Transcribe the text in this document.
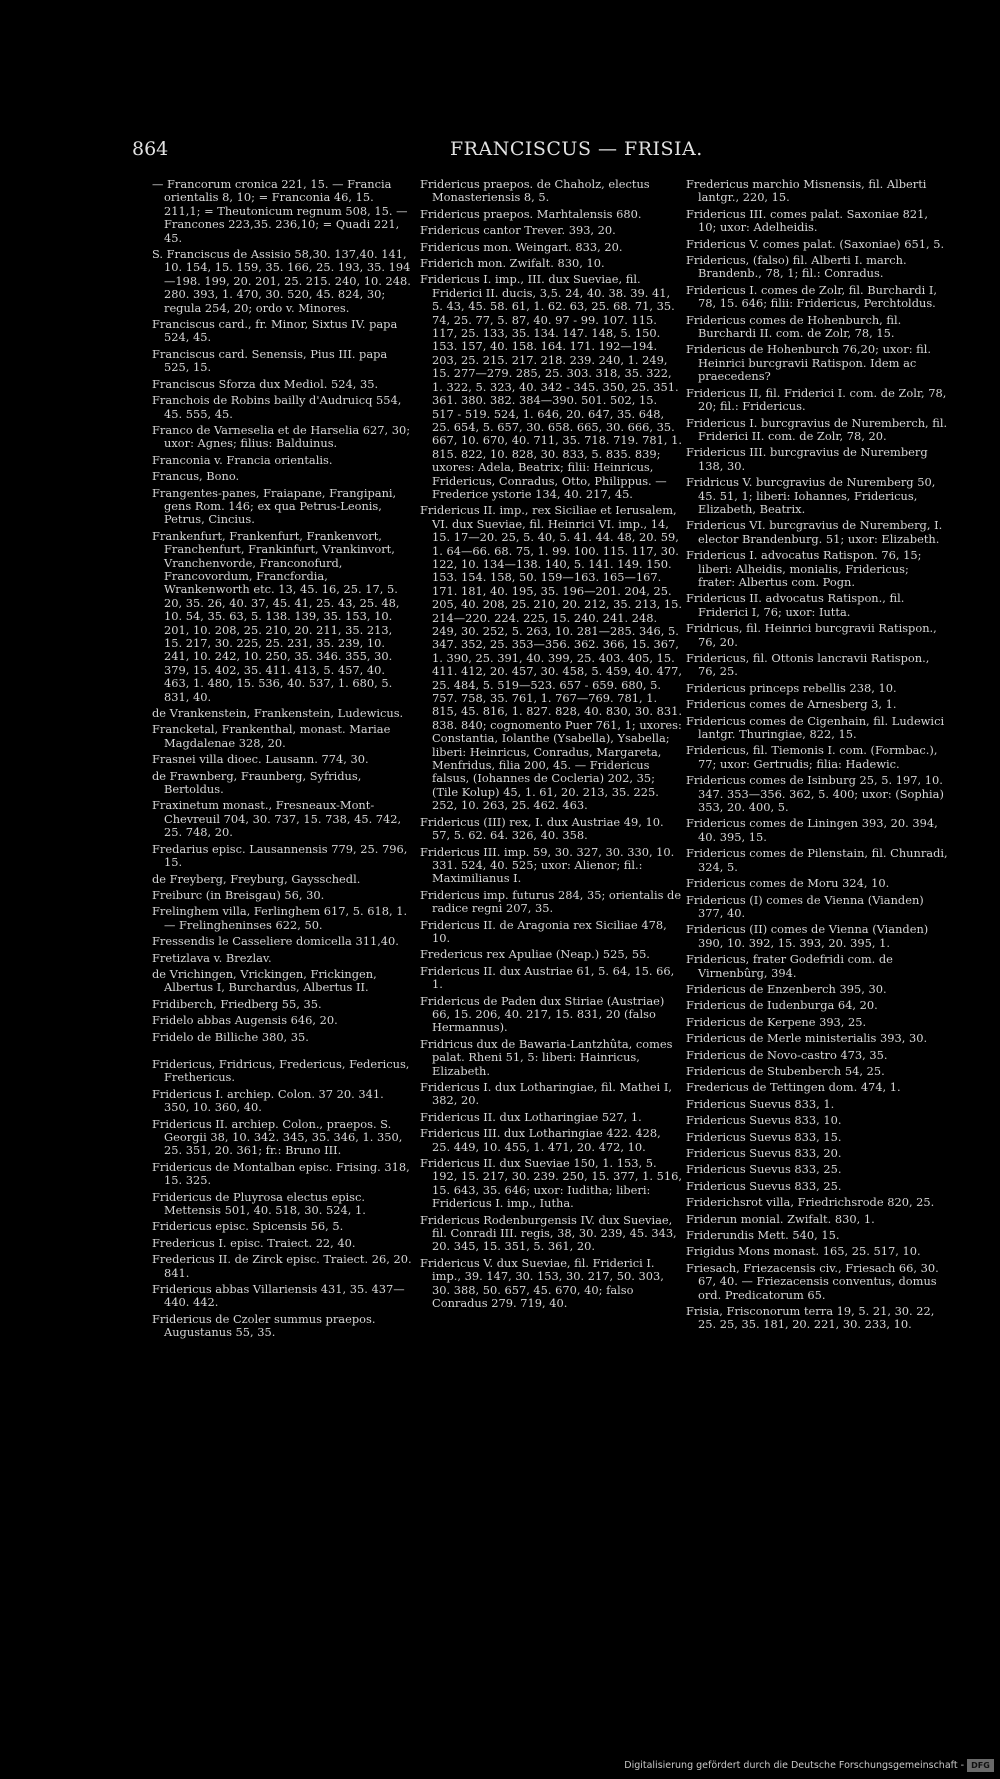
864	FRANCISCUS — FRISIA.
— Francorum cronica 221, 15. — Francia orientalis 8, 10; = Franconia 46, 15. 211,1; = Theutonicum regnum 508, 15. — Francones 223,35. 236,10; = Quadi 221, 45.
S. Franciscus de Assisio 58,30. 137,40. 141, 10. 154, 15. 159, 35. 166, 25. 193, 35. 194—198. 199, 20. 201, 25. 215. 240, 10. 248. 280. 393, 1. 470, 30. 520, 45. 824, 30; regula 254, 20; ordo v. Minores.
Franciscus card., fr. Minor, Sixtus IV. papa 524, 45.
Franciscus card. Senensis, Pius III. papa 525, 15.
Franciscus Sforza dux Mediol. 524, 35.
Franchois de Robins bailly d'Audruicq 554, 45. 555, 45.
Franco de Varneselia et de Harselia 627, 30; uxor: Agnes; filius: Balduinus.
Franconia v. Francia orientalis.
Francus, Bono.
Frangentes-panes, Fraiapane, Frangipani, gens Rom. 146; ex qua Petrus-Leonis, Petrus, Cincius.
Frankenfurt, Frankenfurt, Frankenvort, Franchenfurt, Frankinfurt, Vrankinvort, Vranchenvorde, Franconofurd, Francovordum, Francfordia, Wrankenworth etc. 13, 45. 16, 25. 17, 5. 20, 35. 26, 40. 37, 45. 41, 25. 43, 25. 48, 10. 54, 35. 63, 5. 138. 139, 35. 153, 10. 201, 10. 208, 25. 210, 20. 211, 35. 213, 15. 217, 30. 225, 25. 231, 35. 239, 10. 241, 10. 242, 10. 250, 35. 346. 355, 30. 379, 15. 402, 35. 411. 413, 5. 457, 40. 463, 1. 480, 15. 536, 40. 537, 1. 680, 5. 831, 40.
de Vrankenstein, Frankenstein, Ludewicus.
Francketal, Frankenthal, monast. Mariae Magdalenae 328, 20.
Frasnei villa dioec. Lausann. 774, 30.
de Frawnberg, Fraunberg, Syfridus, Bertoldus.
Fraxinetum monast., Fresneaux-Mont-Chevreuil 704, 30. 737, 15. 738, 45. 742, 25. 748, 20.
Fredarius episc. Lausannensis 779, 25. 796, 15.
de Freyberg, Freyburg, Gaysschedl.
Freiburc (in Breisgau) 56, 30.
Frelinghem villa, Ferlinghem 617, 5. 618, 1. — Frelingheninses 622, 50.
Fressendis le Casseliere domicella 311,40.
Fretizlava v. Brezlav.
de Vrichingen, Vrickingen, Frickingen, Albertus I, Burchardus, Albertus II.
Fridiberch, Friedberg 55, 35.
Fridelo abbas Augensis 646, 20.
Fridelo de Billiche 380, 35.
Fridericus, Fridricus, Fredericus, Federicus, Frethericus.
Fridericus I. archiep. Colon. 37 20. 341. 350, 10. 360, 40.
Fridericus II. archiep. Colon., praepos. S. Georgii 38, 10. 342. 345, 35. 346, 1. 350, 25. 351, 20. 361; fr.: Bruno III.
Fridericus de Montalban episc. Frising. 318, 15. 325.
Fridericus de Pluyrosa electus episc. Mettensis 501, 40. 518, 30. 524, 1.
Fridericus episc. Spicensis 56, 5.
Fredericus I. episc. Traiect. 22, 40.
Fredericus II. de Zirck episc. Traiect. 26, 20. 841.
Fridericus abbas Villariensis 431, 35. 437—440. 442.
Fridericus de Czoler summus praepos. Augustanus 55, 35.
Fridericus praepos. de Chaholz, electus Monasteriensis 8, 5.
Fridericus praepos. Marhtalensis 680.
Fridericus cantor Trever. 393, 20.
Fridericus mon. Weingart. 833, 20.
Friderich mon. Zwifalt. 830, 10.
Fridericus I. imp., III. dux Sueviae, fil. Friderici II. ducis, 3,5. 24, 40. 38. 39. 41, 5. 43, 45. 58. 61, 1. 62. 63, 25. 68. 71, 35. 74, 25. 77, 5. 87, 40. 97 - 99. 107. 115. 117, 25. 133, 35. 134. 147. 148, 5. 150. 153. 157, 40. 158. 164. 171. 192—194. 203, 25. 215. 217. 218. 239. 240, 1. 249, 15. 277—279. 285, 25. 303. 318, 35. 322, 1. 322, 5. 323, 40. 342 - 345. 350, 25. 351. 361. 380. 382. 384—390. 501. 502, 15. 517 - 519. 524, 1. 646, 20. 647, 35. 648, 25. 654, 5. 657, 30. 658. 665, 30. 666, 35. 667, 10. 670, 40. 711, 35. 718. 719. 781, 1. 815. 822, 10. 828, 30. 833, 5. 835. 839; uxores: Adela, Beatrix; filii: Heinricus, Fridericus, Conradus, Otto, Philippus. — Frederice ystorie 134, 40. 217, 45.
Fridericus II. imp., rex Siciliae et Ierusalem, VI. dux Sueviae, fil. Heinrici VI. imp., 14, 15. 17—20. 25, 5. 40, 5. 41. 44. 48, 20. 59, 1. 64—66. 68. 75, 1. 99. 100. 115. 117, 30. 122, 10. 134—138. 140, 5. 141. 149. 150. 153. 154. 158, 50. 159—163. 165—167. 171. 181, 40. 195, 35. 196—201. 204, 25. 205, 40. 208, 25. 210, 20. 212, 35. 213, 15. 214—220. 224. 225, 15. 240. 241. 248. 249, 30. 252, 5. 263, 10. 281—285. 346, 5. 347. 352, 25. 353—356. 362. 366, 15. 367, 1. 390, 25. 391, 40. 399, 25. 403. 405, 15. 411. 412, 20. 457, 30. 458, 5. 459, 40. 477, 25. 484, 5. 519—523. 657 - 659. 680, 5. 757. 758, 35. 761, 1. 767—769. 781, 1. 815, 45. 816, 1. 827. 828, 40. 830, 30. 831. 838. 840; cognomento Puer 761, 1; uxores: Constantia, Iolanthe (Ysabella), Ysabella; liberi: Heinricus, Conradus, Margareta, Menfridus, filia 200, 45. — Fridericus falsus, (Iohannes de Cocleria) 202, 35; (Tile Kolup) 45, 1. 61, 20. 213, 35. 225. 252, 10. 263, 25. 462. 463.
Fridericus (III) rex, I. dux Austriae 49, 10. 57, 5. 62. 64. 326, 40. 358.
Fridericus III. imp. 59, 30. 327, 30. 330, 10. 331. 524, 40. 525; uxor: Alienor; fil.: Maximilianus I.
Fridericus imp. futurus 284, 35; orientalis de radice regni 207, 35.
Fridericus II. de Aragonia rex Siciliae 478, 10.
Fredericus rex Apuliae (Neap.) 525, 55.
Fridericus II. dux Austriae 61, 5. 64, 15. 66, 1.
Fridericus de Paden dux Stiriae (Austriae) 66, 15. 206, 40. 217, 15. 831, 20 (falso Hermannus).
Fridricus dux de Bawaria-Lantzhûta, comes palat. Rheni 51, 5: liberi: Hainricus, Elizabeth.
Fridericus I. dux Lotharingiae, fil. Mathei I, 382, 20.
Fridericus II. dux Lotharingiae 527, 1.
Fridericus III. dux Lotharingiae 422. 428, 25. 449, 10. 455, 1. 471, 20. 472, 10.
Fridericus II. dux Sueviae 150, 1. 153, 5. 192, 15. 217, 30. 239. 250, 15. 377, 1. 516, 15. 643, 35. 646; uxor: Iuditha; liberi: Fridericus I. imp., Iutha.
Fridericus Rodenburgensis IV. dux Sueviae, fil. Conradi III. regis, 38, 30. 239, 45. 343, 20. 345, 15. 351, 5. 361, 20.
Fridericus V. dux Sueviae, fil. Friderici I. imp., 39. 147, 30. 153, 30. 217, 50. 303, 30. 388, 50. 657, 45. 670, 40; falso Conradus 279. 719, 40.
Fredericus marchio Misnensis, fil. Alberti lantgr., 220, 15.
Fridericus III. comes palat. Saxoniae 821, 10; uxor: Adelheidis.
Fridericus V. comes palat. (Saxoniae) 651, 5.
Fridericus, (falso) fil. Alberti I. march. Brandenb., 78, 1; fil.: Conradus.
Fridericus I. comes de Zolr, fil. Burchardi I, 78, 15. 646; filii: Fridericus, Perchtoldus.
Fridericus comes de Hohenburch, fil. Burchardi II. com. de Zolr, 78, 15.
Fridericus de Hohenburch 76,20; uxor: fil. Heinrici burcgravii Ratispon. Idem ac praecedens?
Fridericus II, fil. Friderici I. com. de Zolr, 78, 20; fil.: Fridericus.
Fridericus I. burcgravius de Nuremberch, fil. Friderici II. com. de Zolr, 78, 20.
Fridericus III. burcgravius de Nuremberg 138, 30.
Fridricus V. burcgravius de Nuremberg 50, 45. 51, 1; liberi: Iohannes, Fridericus, Elizabeth, Beatrix.
Fridericus VI. burcgravius de Nuremberg, I. elector Brandenburg. 51; uxor: Elizabeth.
Fridericus I. advocatus Ratispon. 76, 15; liberi: Alheidis, monialis, Fridericus; frater: Albertus com. Pogn.
Fridericus II. advocatus Ratispon., fil. Friderici I, 76; uxor: Iutta.
Fridricus, fil. Heinrici burcgravii Ratispon., 76, 20.
Fridericus, fil. Ottonis lancravii Ratispon., 76, 25.
Fridericus princeps rebellis 238, 10.
Fridericus comes de Arnesberg 3, 1.
Fridericus comes de Cigenhain, fil. Ludewici lantgr. Thuringiae, 822, 15.
Fridericus, fil. Tiemonis I. com. (Formbac.), 77; uxor: Gertrudis; filia: Hadewic.
Fridericus comes de Isinburg 25, 5. 197, 10. 347. 353—356. 362, 5. 400; uxor: (Sophia) 353, 20. 400, 5.
Fridericus comes de Liningen 393, 20. 394, 40. 395, 15.
Fridericus comes de Pilenstain, fil. Chunradi, 324, 5.
Fridericus comes de Moru 324, 10.
Fridericus (I) comes de Vienna (Vianden) 377, 40.
Fridericus (II) comes de Vienna (Vianden) 390, 10. 392, 15. 393, 20. 395, 1.
Fridericus, frater Godefridi com. de Virnenbûrg, 394.
Fridericus de Enzenberch 395, 30.
Fridericus de Iudenburga 64, 20.
Fridericus de Kerpene 393, 25.
Fridericus de Merle ministerialis 393, 30.
Fridericus de Novo-castro 473, 35.
Fridericus de Stubenberch 54, 25.
Fredericus de Tettingen dom. 474, 1.
Fridericus Suevus 833, 1.
Fridericus Suevus 833, 10.
Fridericus Suevus 833, 15.
Fridericus Suevus 833, 20.
Fridericus Suevus 833, 25.
Fridericus Suevus 833, 25.
Friderichsrot villa, Friedrichsrode 820, 25.
Friderun monial. Zwifalt. 830, 1.
Friderundis Mett. 540, 15.
Frigidus Mons monast. 165, 25. 517, 10.
Friesach, Friezacensis civ., Friesach 66, 30. 67, 40. — Friezacensis conventus, domus ord. Predicatorum 65.
Frisia, Frisconorum terra 19, 5. 21, 30. 22, 25. 25, 35. 181, 20. 221, 30. 233, 10.
Digitalisierung gefördert durch die Deutsche Forschungsgemeinschaft - DFG
